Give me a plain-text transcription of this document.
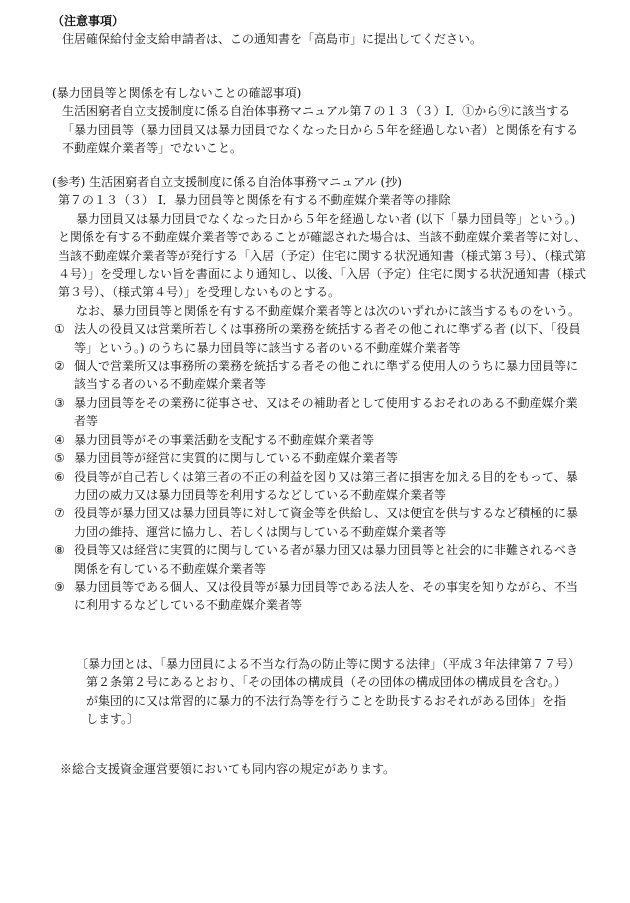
（注意事項）

住居確保給付金支給申請者は、この通知書を「高島市」に提出してください。

(暴力団員等と関係を有しないことの確認事項)

生活困窮者自立支援制度に係る自治体事務マニュアル第７の１３（３）Ⅰ．①から⑨に該当する「暴力団員等（暴力団員又は暴力団員でなくなった日から５年を経過しない者）と関係を有する不動産媒介業者等」でないこと。

(参考) 生活困窮者自立支援制度に係る自治体事務マニュアル (抄)

第７の１３（３） Ⅰ．暴力団員等と関係を有する不動産媒介業者等の排除

暴力団員又は暴力団員でなくなった日から５年を経過しない者 (以下「暴力団員等」という。) と関係を有する不動産媒介業者等であることが確認された場合は、当該不動産媒介業者等に対し、当該不動産媒介業者等が発行する「入居（予定）住宅に関する状況通知書（様式第３号）、（様式第４号）」を受理しない旨を書面により通知し、以後、「入居（予定）住宅に関する状況通知書（様式第３号）、（様式第４号）」を受理しないものとする。

なお、暴力団員等と関係を有する不動産媒介業者等とは次のいずれかに該当するものをいう。

① 法人の役員又は営業所若しくは事務所の業務を統括する者その他これに準ずる者 (以下、「役員等」という。) のうちに暴力団員等に該当する者のいる不動産媒介業者等
② 個人で営業所又は事務所の業務を統括する者その他これに準ずる使用人のうちに暴力団員等に該当する者のいる不動産媒介業者等
③ 暴力団員等をその業務に従事させ、又はその補助者として使用するおそれのある不動産媒介業者等
④ 暴力団員等がその事業活動を支配する不動産媒介業者等
⑤ 暴力団員等が経営に実質的に関与している不動産媒介業者等
⑥ 役員等が自己若しくは第三者の不正の利益を図り又は第三者に損害を加える目的をもって、暴力団の威力又は暴力団員等を利用するなどしている不動産媒介業者等
⑦ 役員等が暴力団又は暴力団員等に対して資金等を供給し、又は便宜を供与するなど積極的に暴力団の維持、運営に協力し、若しくは関与している不動産媒介業者等
⑧ 役員等又は経営に実質的に関与している者が暴力団又は暴力団員等と社会的に非難されるべき関係を有している不動産媒介業者等
⑨ 暴力団員等である個人、又は役員等が暴力団員等である法人を、その事実を知りながら、不当に利用するなどしている不動産媒介業者等

〔暴力団とは、「暴力団員による不当な行為の防止等に関する法律」（平成３年法律第７７号）第２条第２号にあるとおり、「その団体の構成員（その団体の構成団体の構成員を含む。）が集団的に又は常習的に暴力的不法行為等を行うことを助長するおそれがある団体」を指します。〕

※総合支援資金運営要領においても同内容の規定があります。
